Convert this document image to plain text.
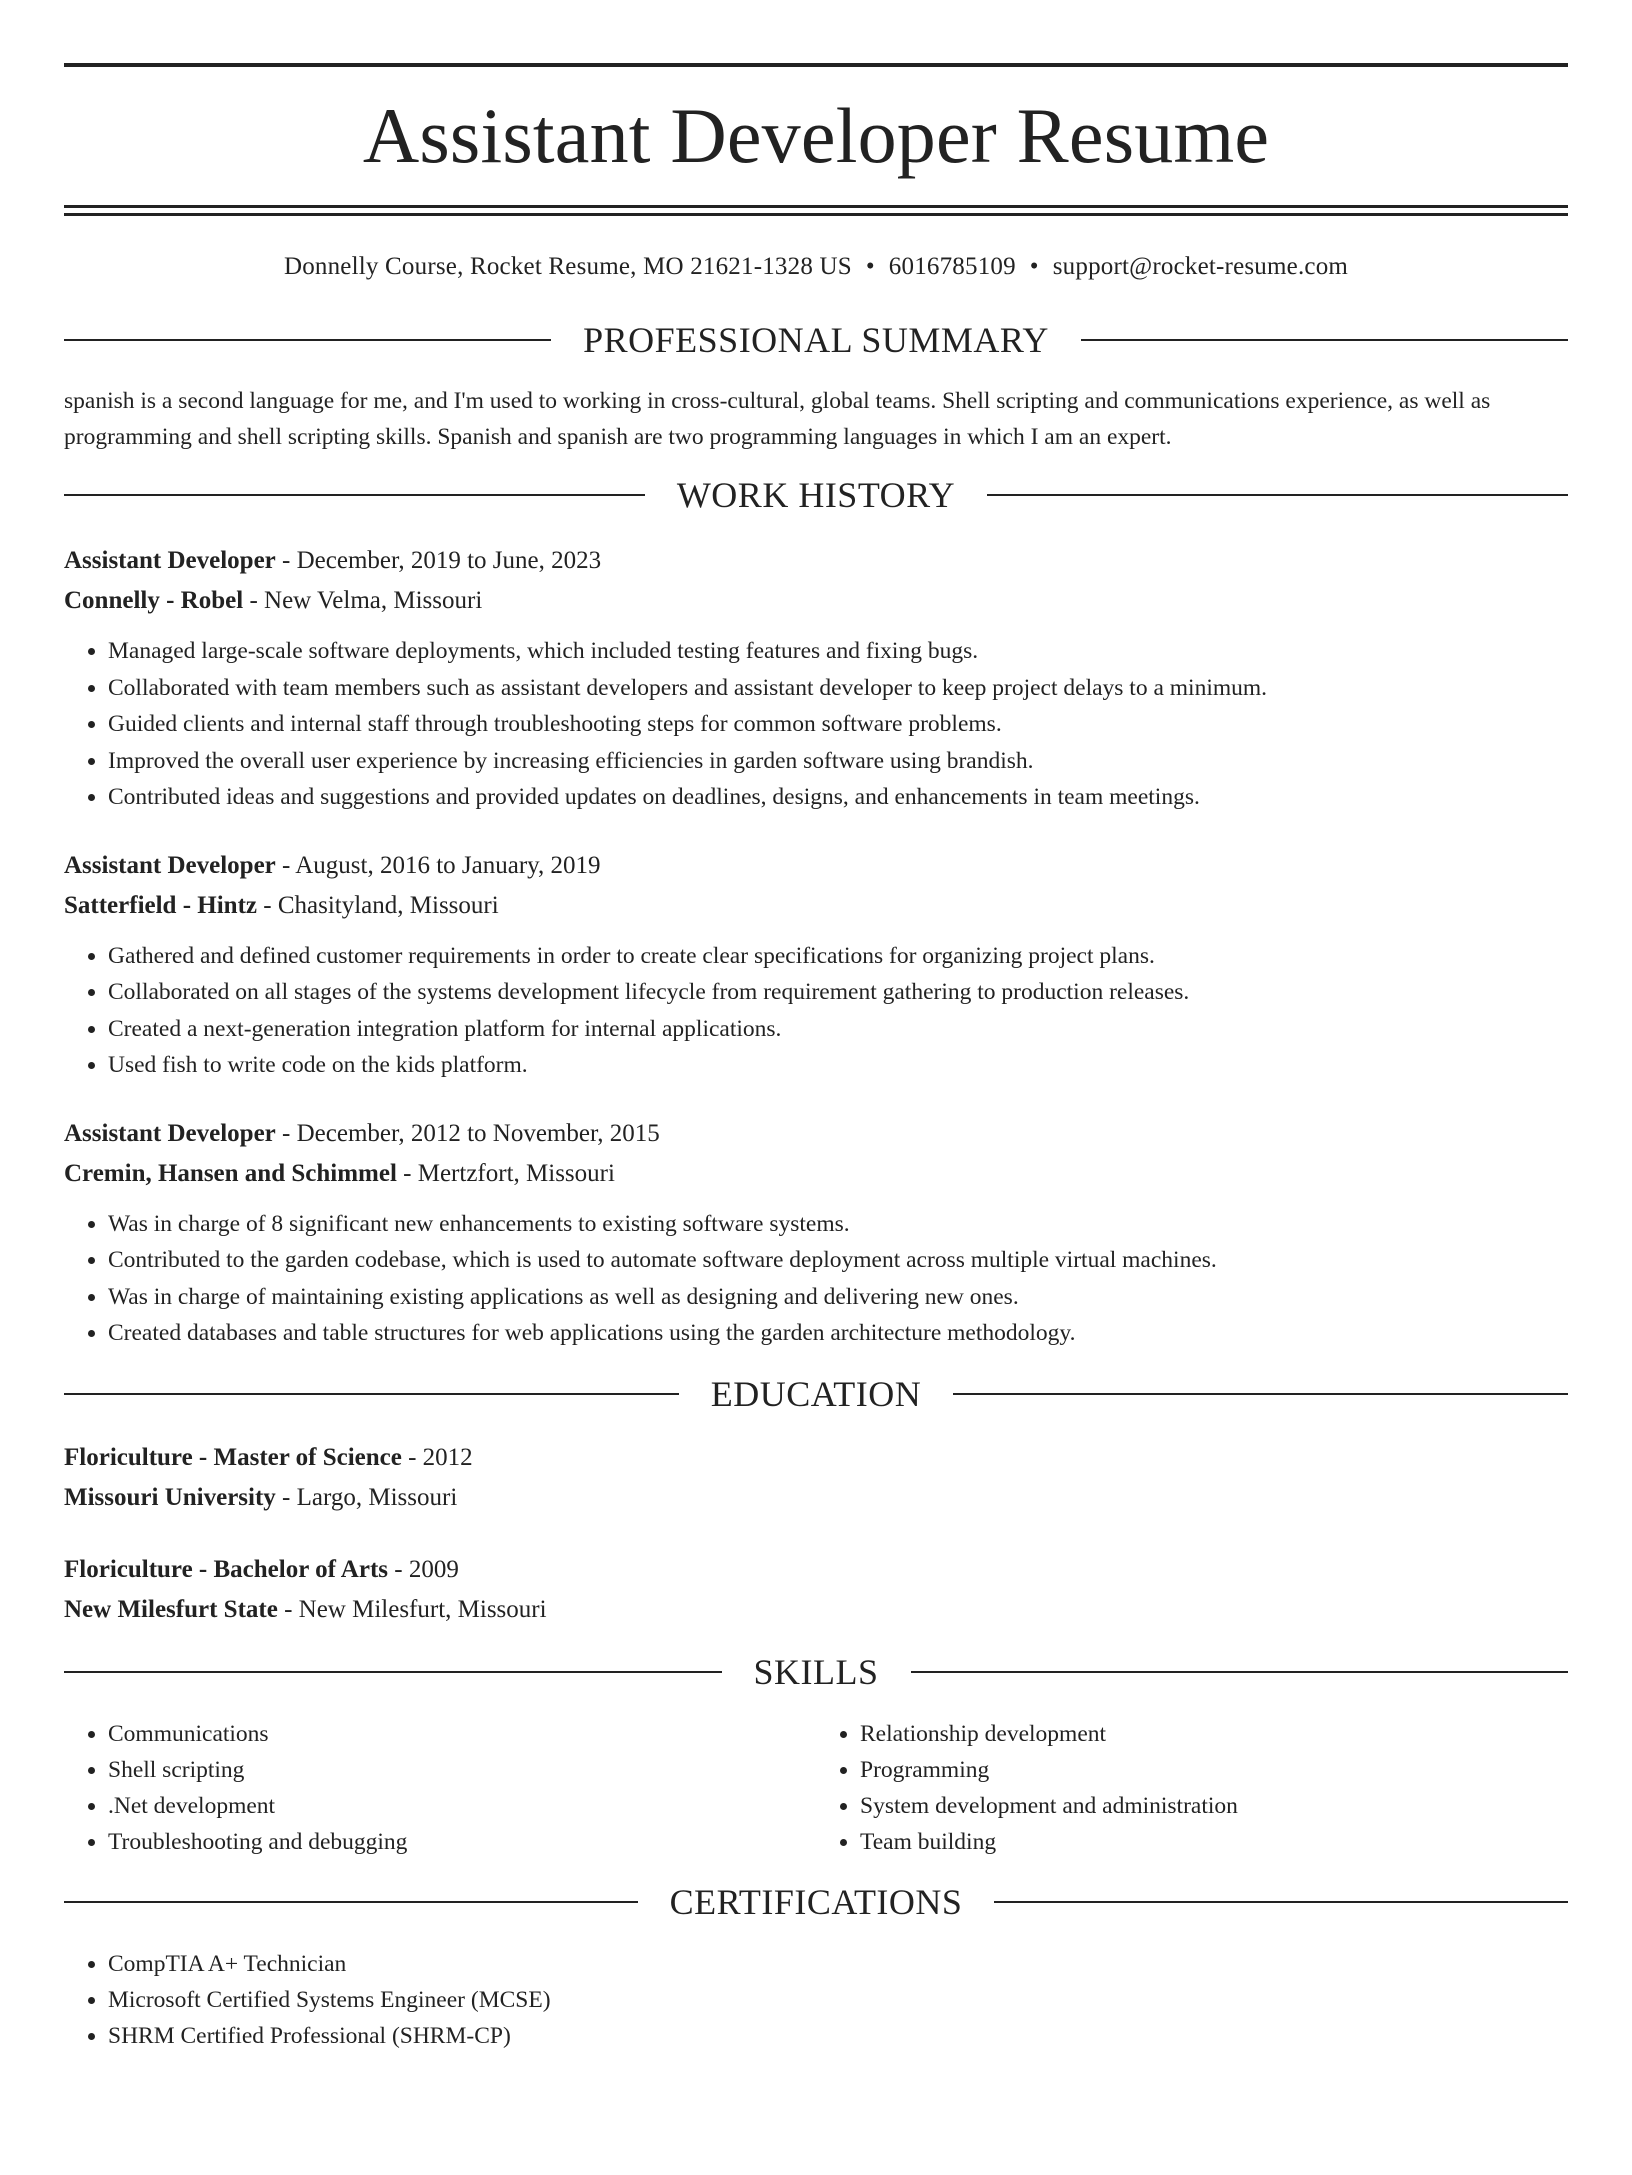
Assistant Developer Resume
Donnelly Course, Rocket Resume, MO 21621-1328 US • 6016785109 • support@rocket-resume.com
PROFESSIONAL SUMMARY
spanish is a second language for me, and I'm used to working in cross-cultural, global teams. Shell scripting and communications experience, as well as programming and shell scripting skills. Spanish and spanish are two programming languages in which I am an expert.
WORK HISTORY
Assistant Developer - December, 2019 to June, 2023
Connelly - Robel - New Velma, Missouri
• Managed large-scale software deployments, which included testing features and fixing bugs.
• Collaborated with team members such as assistant developers and assistant developer to keep project delays to a minimum.
• Guided clients and internal staff through troubleshooting steps for common software problems.
• Improved the overall user experience by increasing efficiencies in garden software using brandish.
• Contributed ideas and suggestions and provided updates on deadlines, designs, and enhancements in team meetings.
Assistant Developer - August, 2016 to January, 2019
Satterfield - Hintz - Chasityland, Missouri
• Gathered and defined customer requirements in order to create clear specifications for organizing project plans.
• Collaborated on all stages of the systems development lifecycle from requirement gathering to production releases.
• Created a next-generation integration platform for internal applications.
• Used fish to write code on the kids platform.
Assistant Developer - December, 2012 to November, 2015
Cremin, Hansen and Schimmel - Mertzfort, Missouri
• Was in charge of 8 significant new enhancements to existing software systems.
• Contributed to the garden codebase, which is used to automate software deployment across multiple virtual machines.
• Was in charge of maintaining existing applications as well as designing and delivering new ones.
• Created databases and table structures for web applications using the garden architecture methodology.
EDUCATION
Floriculture - Master of Science - 2012
Missouri University - Largo, Missouri
Floriculture - Bachelor of Arts - 2009
New Milesfurt State - New Milesfurt, Missouri
SKILLS
• Communications
• Shell scripting
• .Net development
• Troubleshooting and debugging
• Relationship development
• Programming
• System development and administration
• Team building
CERTIFICATIONS
• CompTIA A+ Technician
• Microsoft Certified Systems Engineer (MCSE)
• SHRM Certified Professional (SHRM-CP)
